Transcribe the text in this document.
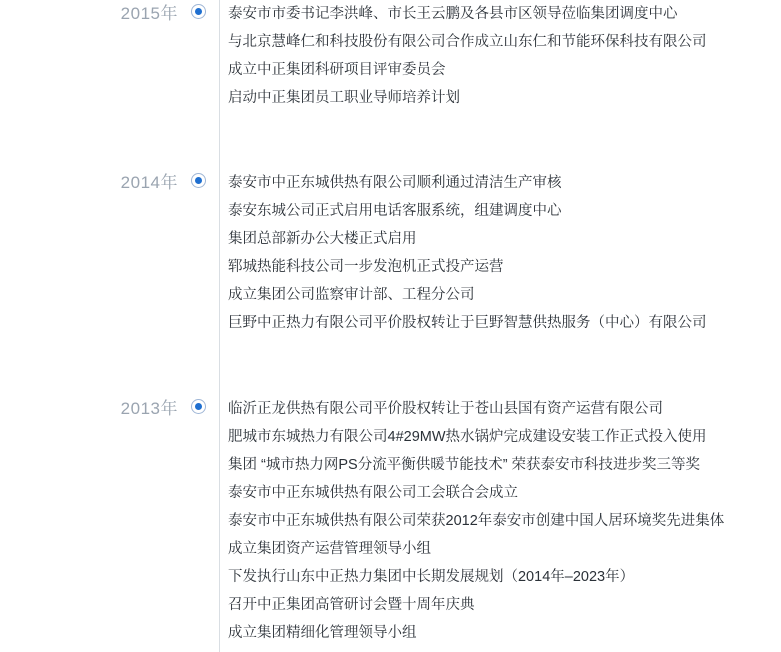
2015年	泰安市市委书记李洪峰、市长王云鹏及各县市区领导莅临集团调度中心
与北京慧峰仁和科技股份有限公司合作成立山东仁和节能环保科技有限公司
成立中正集团科研项目评审委员会
启动中正集团员工职业导师培养计划
2014年	泰安市中正东城供热有限公司顺利通过清洁生产审核
泰安东城公司正式启用电话客服系统，组建调度中心
集团总部新办公大楼正式启用
郓城热能科技公司一步发泡机正式投产运营
成立集团公司监察审计部、工程分公司
巨野中正热力有限公司平价股权转让于巨野智慧供热服务（中心）有限公司
2013年	临沂正龙供热有限公司平价股权转让于苍山县国有资产运营有限公司
肥城市东城热力有限公司4#29MW热水锅炉完成建设安装工作正式投入使用
集团 “城市热力网PS分流平衡供暖节能技术” 荣获泰安市科技进步奖三等奖
泰安市中正东城供热有限公司工会联合会成立
泰安市中正东城供热有限公司荣获2012年泰安市创建中国人居环境奖先进集体
成立集团资产运营管理领导小组
下发执行山东中正热力集团中长期发展规划（2014年–2023年）
召开中正集团高管研讨会暨十周年庆典
成立集团精细化管理领导小组
